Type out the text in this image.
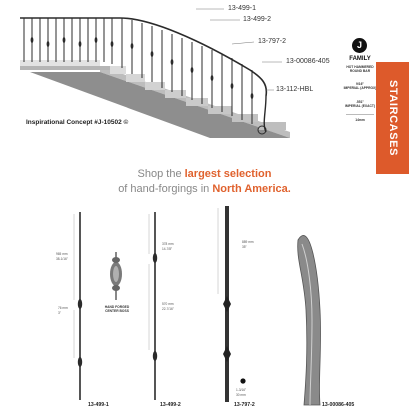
13-499-1
13-499-2
13-797-2
13-00086-405
13-112-HBL
Inspirational Concept #J-10502 ©
J
FAMILY
HOT HAMMERED ROUND BAR
9/16"
IMPERIAL (APPROX)
.551"
IMPERIAL (EXACT)
14mm	STAIRCASES
Shop the largest selection
of hand-forgings in North America.
965 mm
38-1/16"
76 mm
3"
HAND FORGED CENTER BOSS
378 mm
14-7/8"
570 mm
22-7/16"
889 mm
35"
1-3/16"
30 mm
13-499-1	13-499-2	13-797-2	13-00086-405
